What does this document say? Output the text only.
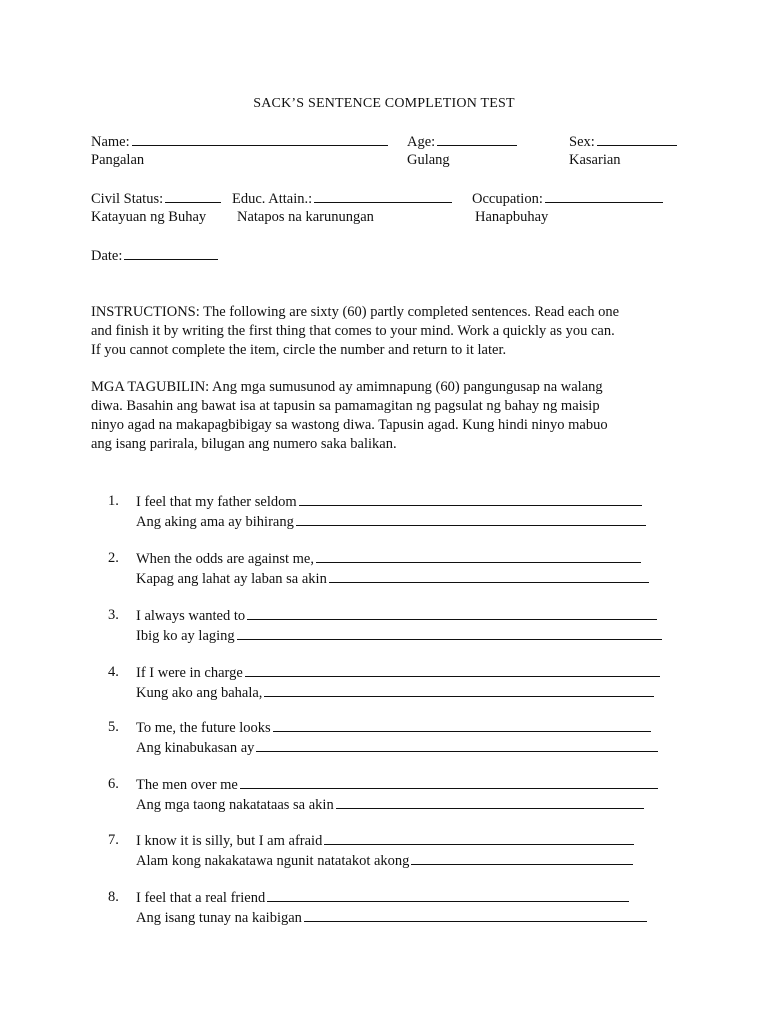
SACK’S SENTENCE COMPLETION TEST
Name:
Pangalan
Age:
Gulang
Sex:
Kasarian
Civil Status:
Katayuan ng Buhay
Educ. Attain.:
Natapos na karunungan
Occupation:
Hanapbuhay
Date:
INSTRUCTIONS: The following are sixty (60) partly completed sentences. Read each one
and finish it by writing the first thing that comes to your mind. Work a quickly as you can.
If you cannot complete the item, circle the number and return to it later.
MGA TAGUBILIN: Ang mga sumusunod ay amimnapung (60) pangungusap na walang
diwa. Basahin ang bawat isa at tapusin sa pamamagitan ng pagsulat ng bahay ng maisip
ninyo agad na makapagbibigay sa wastong diwa. Tapusin agad. Kung hindi ninyo mabuo
ang isang parirala, bilugan ang numero saka balikan.
1.	I feel that my father seldom
Ang aking ama ay bihirang
2.	When the odds are against me,
Kapag ang lahat ay laban sa akin
3.	I always wanted to
Ibig ko ay laging
4.	If I were in charge
Kung ako ang bahala,
5.	To me, the future looks
Ang kinabukasan ay
6.	The men over me
Ang mga taong nakatataas sa akin
7.	I know it is silly, but I am afraid
Alam kong nakakatawa ngunit natatakot akong
8.	I feel that a real friend
Ang isang tunay na kaibigan
